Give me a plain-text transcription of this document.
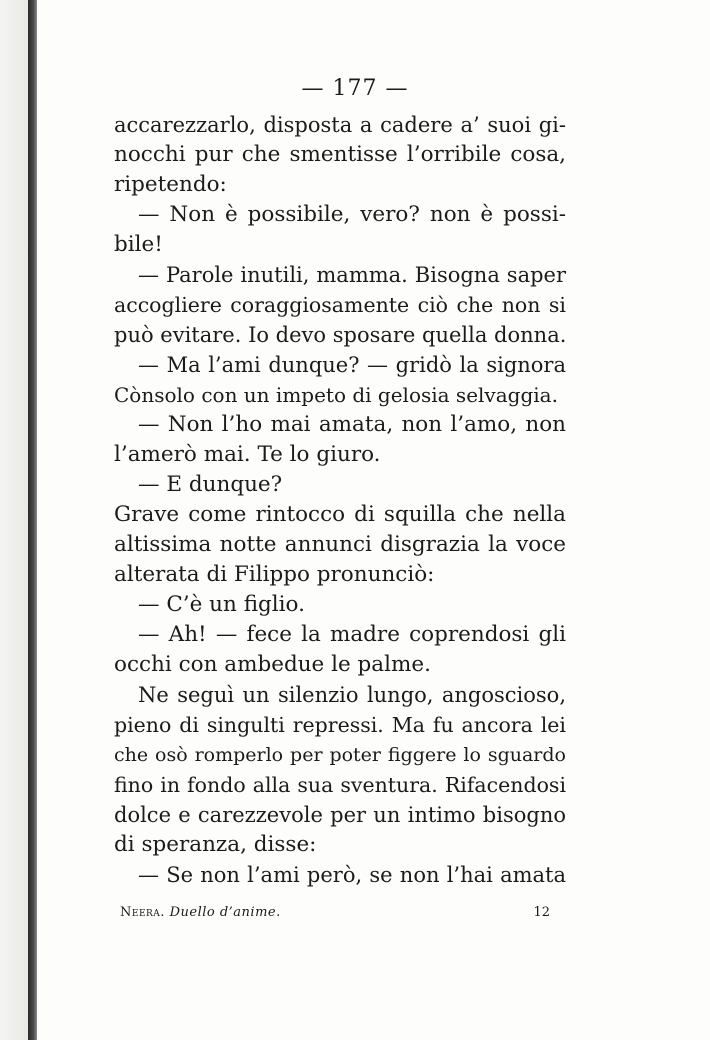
— 177 —
accarezzarlo, disposta a cadere a’ suoi gi-
nocchi pur che smentisse l’orribile cosa,
ripetendo:
— Non è possibile, vero? non è possi-
bile!
— Parole inutili, mamma. Bisogna saper
accogliere coraggiosamente ciò che non si
può evitare. Io devo sposare quella donna.
— Ma l’ami dunque? — gridò la signora
Cònsolo con un impeto di gelosia selvaggia.
— Non l’ho mai amata, non l’amo, non
l’amerò mai. Te lo giuro.
— E dunque?
Grave come rintocco di squilla che nella
altissima notte annunci disgrazia la voce
alterata di Filippo pronunciò:
— C’è un figlio.
— Ah! — fece la madre coprendosi gli
occhi con ambedue le palme.
Ne seguì un silenzio lungo, angoscioso,
pieno di singulti repressi. Ma fu ancora lei
che osò romperlo per poter figgere lo sguardo
fino in fondo alla sua sventura. Rifacendosi
dolce e carezzevole per un intimo bisogno
di speranza, disse:
— Se non l’ami però, se non l’hai amata
Neera. Duello d’anime.	12
